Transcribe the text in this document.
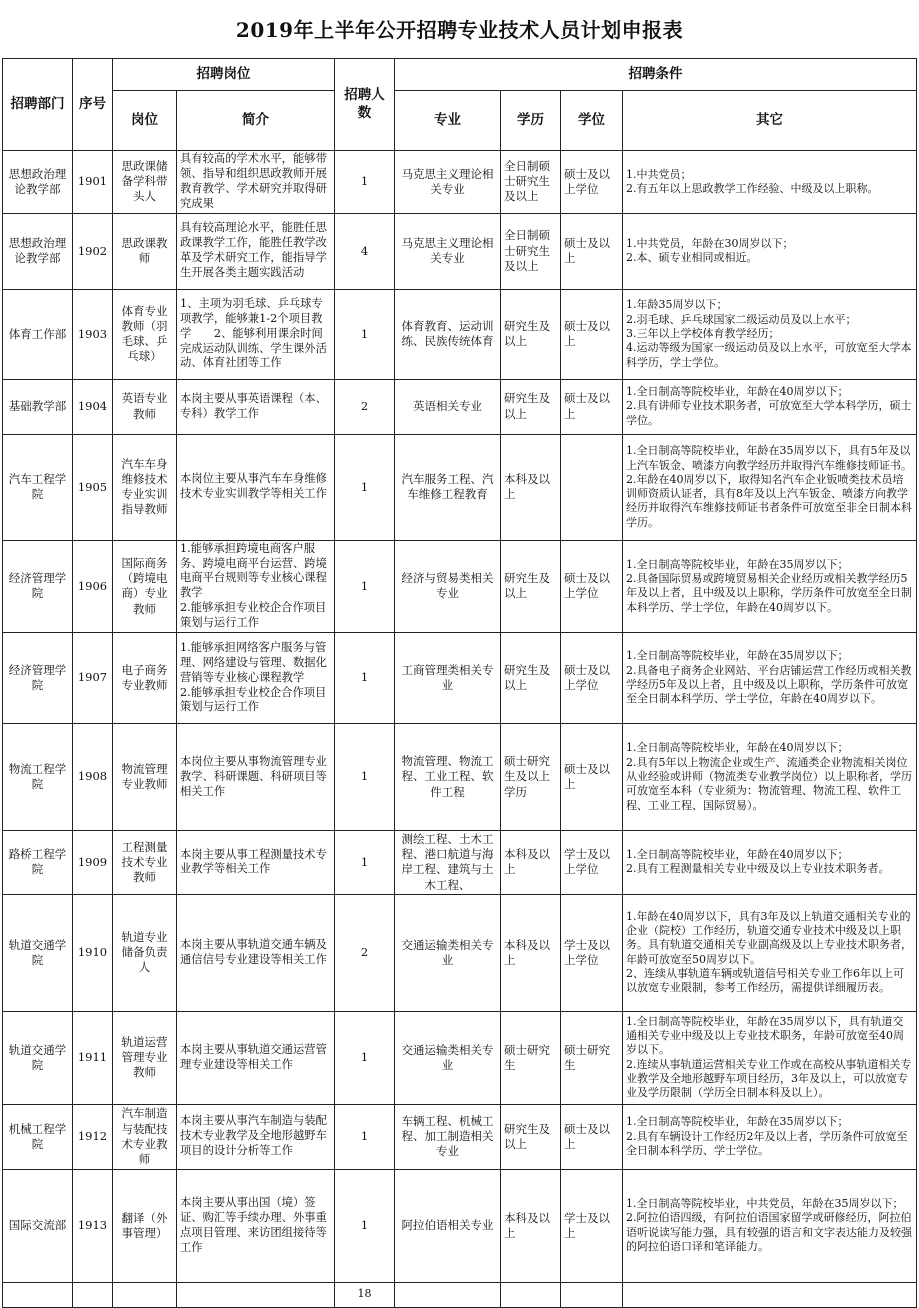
2019年上半年公开招聘专业技术人员计划申报表
招聘部门	序号	招聘岗位		招聘人数	招聘条件			
		岗位	简介		专业	学历	学位	其它
思想政治理论教学部	1901	思政课储备学科带头人	具有较高的学术水平，能够带领、指导和组织思政教师开展教育教学、学术研究并取得研究成果	1	马克思主义理论相关专业	全日制硕士研究生及以上	硕士及以上学位	1.中共党员；
2.有五年以上思政教学工作经验、中级及以上职称。
思想政治理论教学部	1902	思政课教师	具有较高理论水平，能胜任思政课教学工作，能胜任教学改革及学术研究工作，能指导学生开展各类主题实践活动	4	马克思主义理论相关专业	全日制硕士研究生及以上	硕士及以上	1.中共党员，年龄在30周岁以下；
2.本、硕专业相同或相近。
体育工作部	1903	体育专业教师（羽毛球、乒乓球）	1、主项为羽毛球、乒乓球专项教学，能够兼1-2个项目教学　　2、能够利用课余时间完成运动队训练、学生课外活动、体育社团等工作	1	体育教育、运动训练、民族传统体育	研究生及以上	硕士及以上	1.年龄35周岁以下；
2.羽毛球、乒乓球国家二级运动员及以上水平；
3.三年以上学校体育教学经历；
4.运动等级为国家一级运动员及以上水平，可放宽至大学本科学历，学士学位。
基础教学部	1904	英语专业教师	本岗主要从事英语课程（本、专科）教学工作	2	英语相关专业	研究生及以上	硕士及以上	1.全日制高等院校毕业，年龄在40周岁以下；
2.具有讲师专业技术职务者，可放宽至大学本科学历，硕士学位。
汽车工程学院	1905	汽车车身维修技术专业实训指导教师	本岗位主要从事汽车车身维修技术专业实训教学等相关工作	1	汽车服务工程、汽车维修工程教育	本科及以上		1.全日制高等院校毕业，年龄在35周岁以下，具有5年及以上汽车钣金、喷漆方向教学经历并取得汽车维修技师证书。
2.年龄在40周岁以下，取得知名汽车企业钣喷类技术员培训师资质认证者，具有8年及以上汽车钣金、喷漆方向教学经历并取得汽车维修技师证书者条件可放宽至非全日制本科学历。
经济管理学院	1906	国际商务（跨境电商）专业教师	1.能够承担跨境电商客户服务、跨境电商平台运营、跨境电商平台规则等专业核心课程教学
2.能够承担专业校企合作项目策划与运行工作	1	经济与贸易类相关专业	研究生及以上	硕士及以上学位	1.全日制高等院校毕业，年龄在35周岁以下；
2.具备国际贸易或跨境贸易相关企业经历或相关教学经历5年及以上者，且中级及以上职称，学历条件可放宽至全日制本科学历、学士学位，年龄在40周岁以下。
经济管理学院	1907	电子商务专业教师	1.能够承担网络客户服务与管理、网络建设与管理、数据化营销等专业核心课程教学
2.能够承担专业校企合作项目策划与运行工作	1	工商管理类相关专业	研究生及以上	硕士及以上学位	1.全日制高等院校毕业，年龄在35周岁以下；
2.具备电子商务企业网站、平台店铺运营工作经历或相关教学经历5年及以上者，且中级及以上职称，学历条件可放宽至全日制本科学历、学士学位，年龄在40周岁以下。
物流工程学院	1908	物流管理专业教师	本岗位主要从事物流管理专业教学、科研课题、科研项目等相关工作	1	物流管理、物流工程、工业工程、软件工程	硕士研究生及以上学历	硕士及以上	1.全日制高等院校毕业，年龄在40周岁以下；
2.具有5年以上物流企业或生产、流通类企业物流相关岗位从业经验或讲师（物流类专业教学岗位）以上职称者，学历可放宽至本科（专业须为：物流管理、物流工程、软件工程、工业工程、国际贸易）。
路桥工程学院	1909	工程测量技术专业教师	本岗主要从事工程测量技术专业教学等相关工作	1	测绘工程、土木工程、港口航道与海岸工程、建筑与土木工程、	本科及以上	学士及以上学位	1.全日制高等院校毕业，年龄在40周岁以下；
2.具有工程测量相关专业中级及以上专业技术职务者。
轨道交通学院	1910	轨道专业储备负责人	本岗主要从事轨道交通车辆及通信信号专业建设等相关工作	2	交通运输类相关专业	本科及以上	学士及以上学位	1.年龄在40周岁以下，具有3年及以上轨道交通相关专业的企业（院校）工作经历，轨道交通专业技术中级及以上职务。具有轨道交通相关专业副高级及以上专业技术职务者，年龄可放宽至50周岁以下。
2、连续从事轨道车辆或轨道信号相关专业工作6年以上可以放宽专业限制，参考工作经历，需提供详细履历表。
轨道交通学院	1911	轨道运营管理专业教师	本岗主要从事轨道交通运营管理专业建设等相关工作	1	交通运输类相关专业	硕士研究生	硕士研究生	1.全日制高等院校毕业，年龄在35周岁以下，具有轨道交通相关专业中级及以上专业技术职务，年龄可放宽至40周岁以下。
2.连续从事轨道运营相关专业工作或在高校从事轨道相关专业教学及全地形越野车项目经历，3年及以上，可以放宽专业及学历限制（学历全日制本科及以上）。
机械工程学院	1912	汽车制造与装配技术专业教师	本岗主要从事汽车制造与装配技术专业教学及全地形越野车项目的设计分析等工作	1	车辆工程、机械工程、加工制造相关专业	研究生及以上	硕士及以上	1.全日制高等院校毕业，年龄在35周岁以下；
2.具有车辆设计工作经历2年及以上者，学历条件可放宽至全日制本科学历、学士学位。
国际交流部	1913	翻译（外事管理）	本岗主要从事出国（境）签证、购汇等手续办理、外事重点项目管理、来访团组接待等工作	1	阿拉伯语相关专业	本科及以上	学士及以上	1.全日制高等院校毕业，中共党员，年龄在35周岁以下；
2.阿拉伯语四级，有阿拉伯语国家留学或研修经历，阿拉伯语听说读写能力强，具有较强的语言和文字表达能力及较强的阿拉伯语口译和笔译能力。
				18				
